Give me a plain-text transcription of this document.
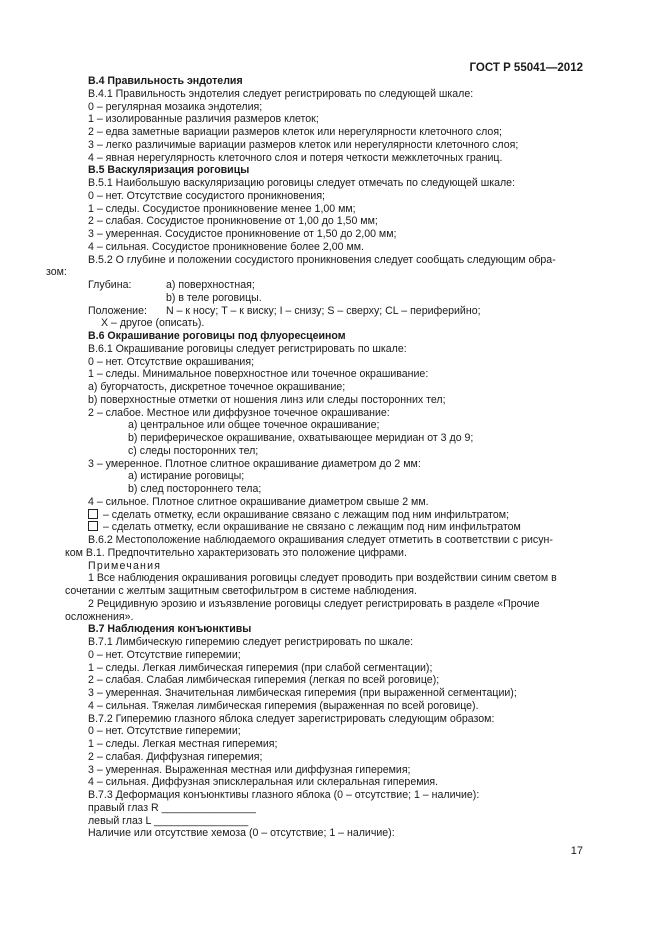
ГОСТ Р 55041—2012
В.4 Правильность эндотелия
В.4.1 Правильность эндотелия следует регистрировать по следующей шкале:
0 – регулярная мозаика эндотелия;
1 – изолированные различия размеров клеток;
2 – едва заметные вариации размеров клеток или нерегулярности клеточного слоя;
3 – легко различимые вариации размеров клеток или нерегулярности клеточного слоя;
4 – явная нерегулярность клеточного слоя и потеря четкости межклеточных границ.
В.5 Васкуляризация роговицы
В.5.1 Наибольшую васкуляризацию роговицы следует отмечать по следующей шкале:
0 – нет. Отсутствие сосудистого проникновения;
1 – следы. Сосудистое проникновение менее 1,00 мм;
2 – слабая. Сосудистое проникновение от 1,00 до 1,50 мм;
3 – умеренная. Сосудистое проникновение от 1,50 до 2,00 мм;
4 – сильная. Сосудистое проникновение более 2,00 мм.
В.5.2 О глубине и положении сосудистого проникновения следует сообщать следующим обра-
зом:
Глубина:	а) поверхностная;
b) в теле роговицы.
Положение: N – к носу; T – к виску; I – снизу; S – сверху; CL – периферийно;
X – другое (описать).
В.6 Окрашивание роговицы под флуоресцеином
В.6.1 Окрашивание роговицы следует регистрировать по шкале:
0 – нет. Отсутствие окрашивания;
1 – следы. Минимальное поверхностное или точечное окрашивание:
а) бугорчатость, дискретное точечное окрашивание;
b) поверхностные отметки от ношения линз или следы посторонних тел;
2 – слабое. Местное или диффузное точечное окрашивание:
а) центральное или общее точечное окрашивание;
b) периферическое окрашивание, охватывающее меридиан от 3 до 9;
с) следы посторонних тел;
3 – умеренное. Плотное слитное окрашивание диаметром до 2 мм:
а) истирание роговицы;
b) след постороннего тела;
4 – сильное. Плотное слитное окрашивание диаметром свыше 2 мм.
– сделать отметку, если окрашивание связано с лежащим под ним инфильтратом;
– сделать отметку, если окрашивание не связано с лежащим под ним инфильтратом
В.6.2 Местоположение наблюдаемого окрашивания следует отметить в соответствии с рисун-
ком В.1. Предпочтительно характеризовать это положение цифрами.
Примечания
1 Все наблюдения окрашивания роговицы следует проводить при воздействии синим светом в
сочетании с желтым защитным светофильтром в системе наблюдения.
2 Рецидивную эрозию и изъязвление роговицы следует регистрировать в разделе «Прочие
осложнения».
В.7 Наблюдения конъюнктивы
В.7.1 Лимбическую гиперемию следует регистрировать по шкале:
0 – нет. Отсутствие гиперемии;
1 – следы. Легкая лимбическая гиперемия (при слабой сегментации);
2 – слабая. Слабая лимбическая гиперемия (легкая по всей роговице);
3 – умеренная. Значительная лимбическая гиперемия (при выраженной сегментации);
4 – сильная. Тяжелая лимбическая гиперемия (выраженная по всей роговице).
В.7.2 Гиперемию глазного яблока следует зарегистрировать следующим образом:
0 – нет. Отсутствие гиперемии;
1 – следы. Легкая местная гиперемия;
2 – слабая. Диффузная гиперемия;
3 – умеренная. Выраженная местная или диффузная гиперемия;
4 – сильная. Диффузная эписклеральная или склеральная гиперемия.
В.7.3 Деформация конъюнктивы глазного яблока (0 – отсутствие; 1 – наличие):
правый глаз R ________________
левый глаз L ________________
Наличие или отсутствие хемоза (0 – отсутствие; 1 – наличие):
17
